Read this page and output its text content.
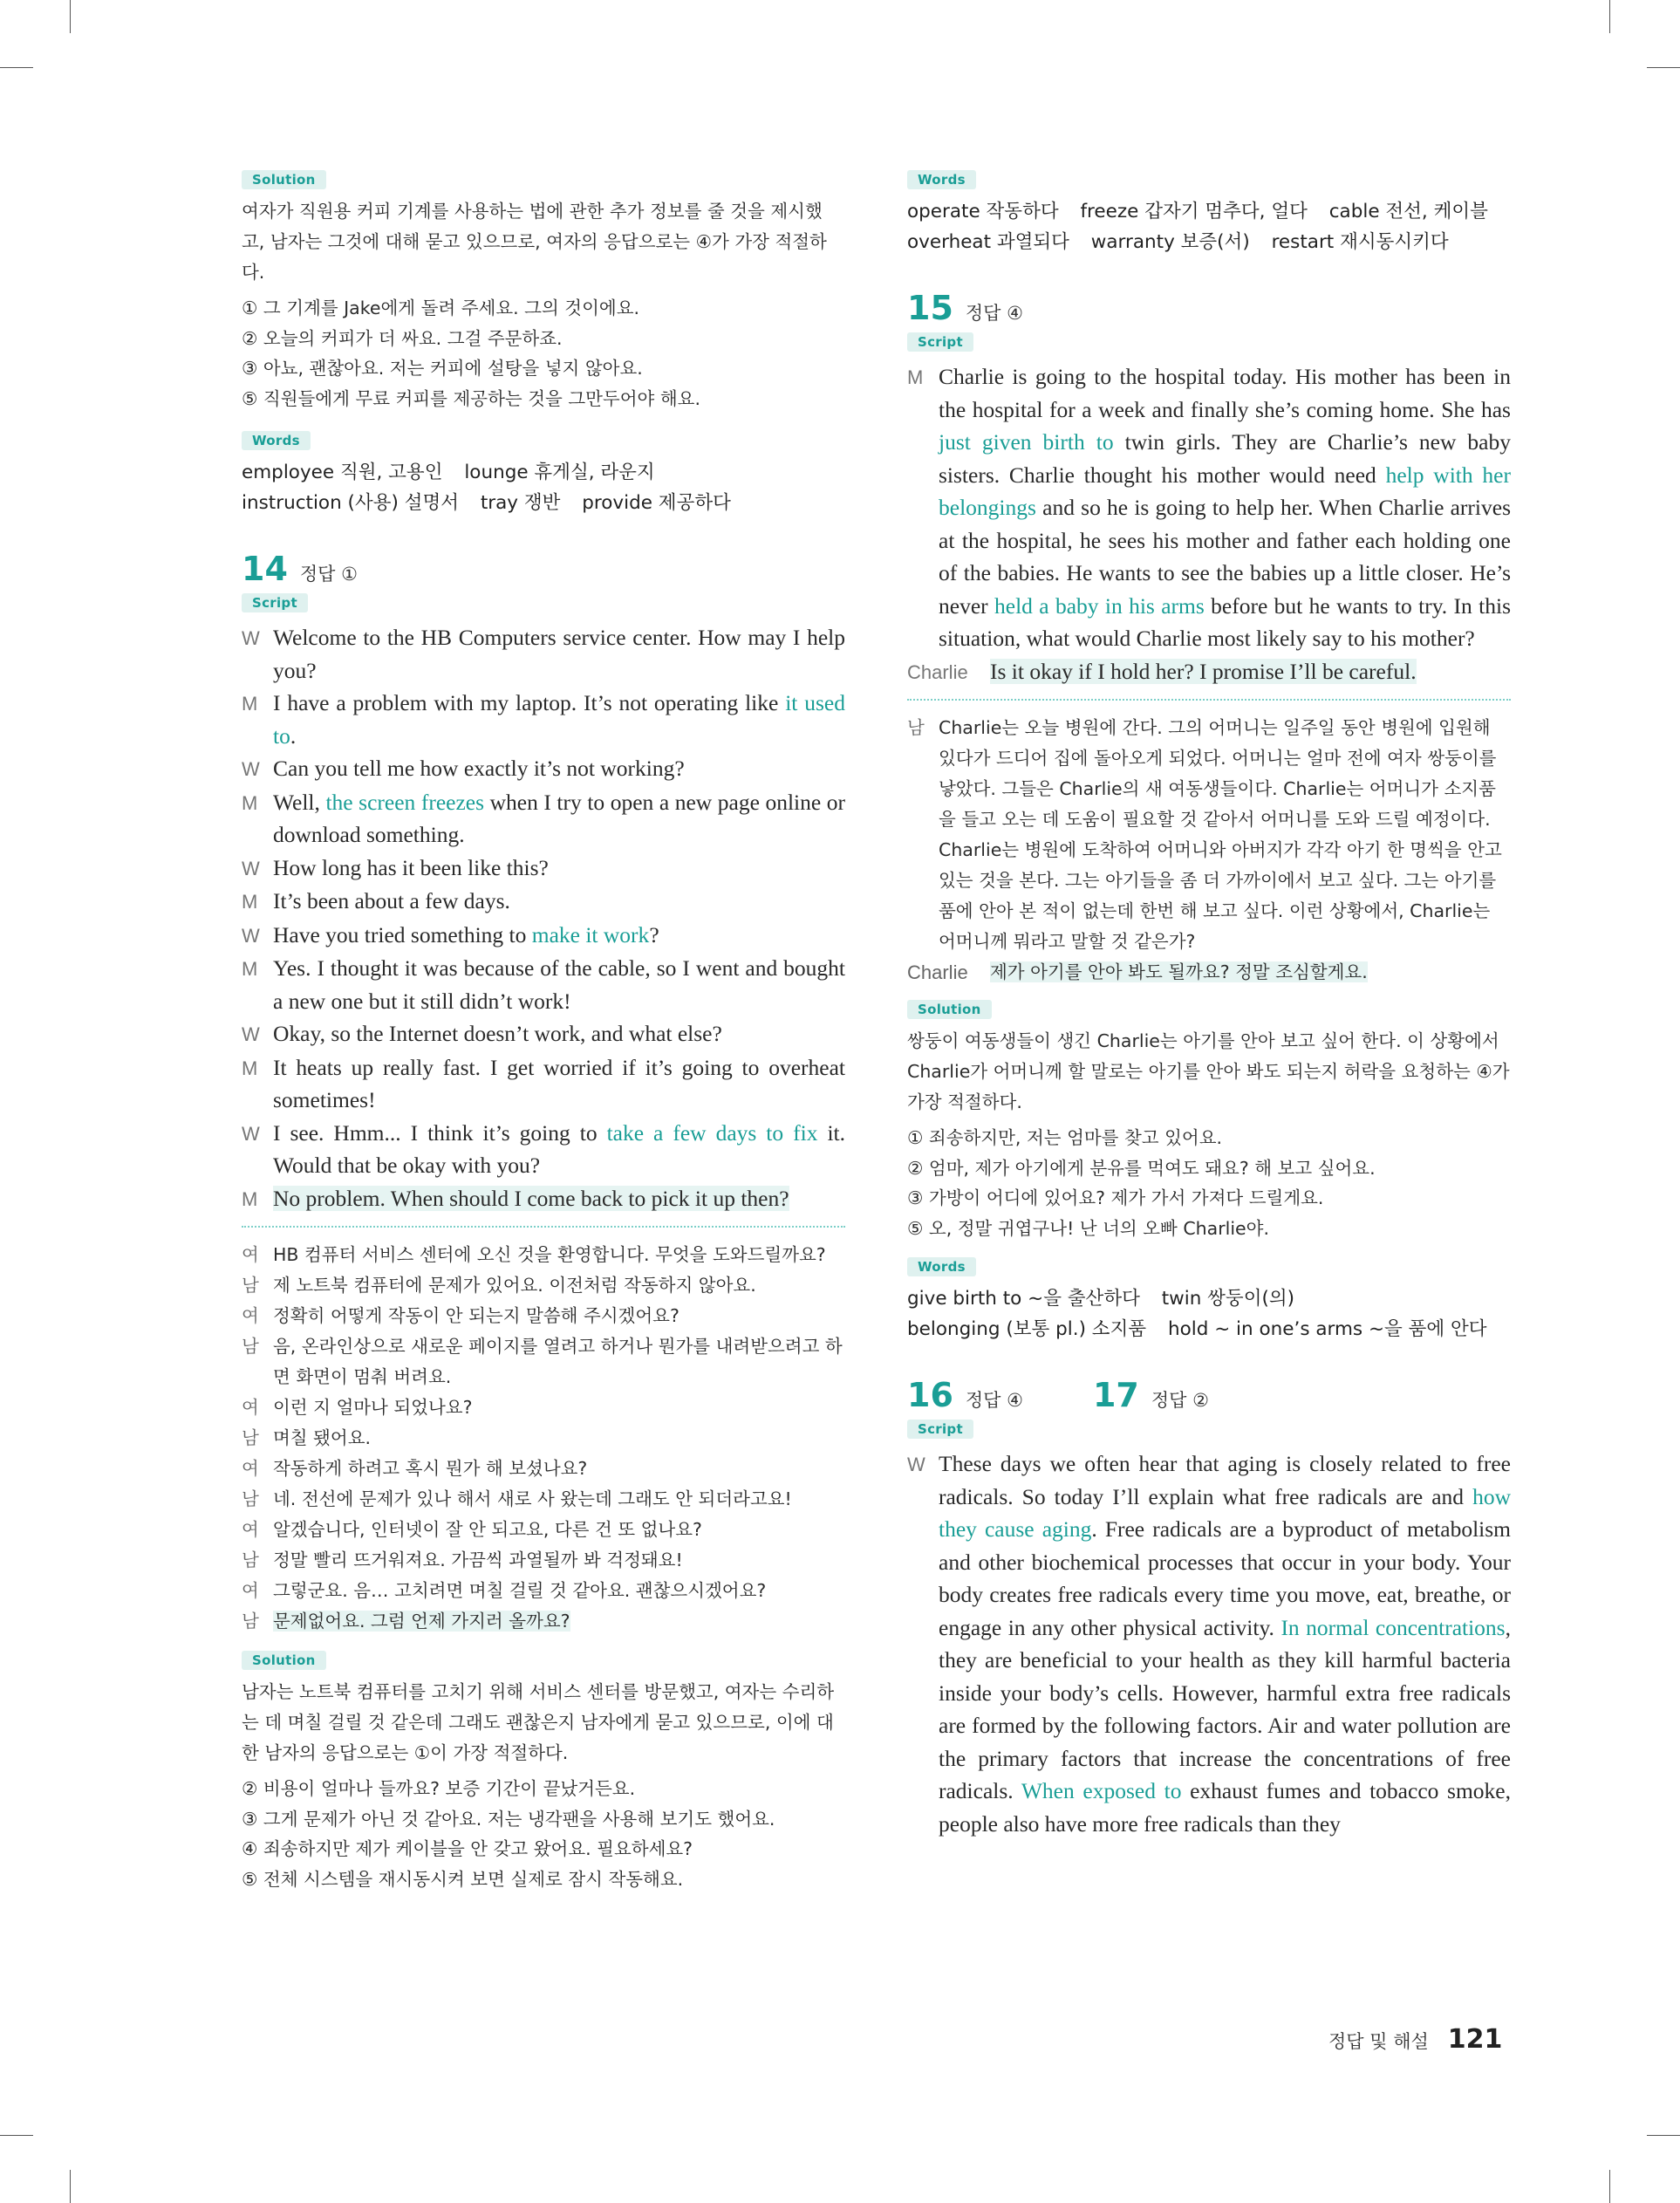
Solution

여자가 직원용 커피 기계를 사용하는 법에 관한 추가 정보를 줄 것을 제시했고, 남자는 그것에 대해 묻고 있으므로, 여자의 응답으로는 ④가 가장 적절하다.

① 그 기계를 Jake에게 돌려 주세요. 그의 것이에요.
② 오늘의 커피가 더 싸요. 그걸 주문하죠.
③ 아뇨, 괜찮아요. 저는 커피에 설탕을 넣지 않아요.
⑤ 직원들에게 무료 커피를 제공하는 것을 그만두어야 해요.
Words
employee 직원, 고용인 lounge 휴게실, 라운지
instruction (사용) 설명서 tray 쟁반 provide 제공하다
14 정답 ①
Script
W Welcome to the HB Computers service center. How may I help you?
M I have a problem with my laptop. It’s not operating like it used to.
W Can you tell me how exactly it’s not working?
M Well, the screen freezes when I try to open a new page online or download something.
W How long has it been like this?
M It’s been about a few days.
W Have you tried something to make it work?
M Yes. I thought it was because of the cable, so I went and bought a new one but it still didn’t work!
W Okay, so the Internet doesn’t work, and what else?
M It heats up really fast. I get worried if it’s going to overheat sometimes!
W I see. Hmm... I think it’s going to take a few days to fix it. Would that be okay with you?
M No problem. When should I come back to pick it up then?
여 HB 컴퓨터 서비스 센터에 오신 것을 환영합니다. 무엇을 도와드릴까요?
남 제 노트북 컴퓨터에 문제가 있어요. 이전처럼 작동하지 않아요.
여 정확히 어떻게 작동이 안 되는지 말씀해 주시겠어요?
남 음, 온라인상으로 새로운 페이지를 열려고 하거나 뭔가를 내려받으려고 하면 화면이 멈춰 버려요.
여 이런 지 얼마나 되었나요?
남 며칠 됐어요.
여 작동하게 하려고 혹시 뭔가 해 보셨나요?
남 네. 전선에 문제가 있나 해서 새로 사 왔는데 그래도 안 되더라고요!
여 알겠습니다, 인터넷이 잘 안 되고요, 다른 건 또 없나요?
남 정말 빨리 뜨거워져요. 가끔씩 과열될까 봐 걱정돼요!
여 그렇군요. 음… 고치려면 며칠 걸릴 것 같아요. 괜찮으시겠어요?
남 문제없어요. 그럼 언제 가지러 올까요?
Solution

남자는 노트북 컴퓨터를 고치기 위해 서비스 센터를 방문했고, 여자는 수리하는 데 며칠 걸릴 것 같은데 그래도 괜찮은지 남자에게 묻고 있으므로, 이에 대한 남자의 응답으로는 ①이 가장 적절하다.

② 비용이 얼마나 들까요? 보증 기간이 끝났거든요.
③ 그게 문제가 아닌 것 같아요. 저는 냉각팬을 사용해 보기도 했어요.
④ 죄송하지만 제가 케이블을 안 갖고 왔어요. 필요하세요?
⑤ 전체 시스템을 재시동시켜 보면 실제로 잠시 작동해요.
Words
operate 작동하다 freeze 갑자기 멈추다, 얼다 cable 전선, 케이블
overheat 과열되다 warranty 보증(서) restart 재시동시키다
15 정답 ④
Script
M Charlie is going to the hospital today. His mother has been in the hospital for a week and finally she’s coming home. She has just given birth to twin girls. They are Charlie’s new baby sisters. Charlie thought his mother would need help with her belongings and so he is going to help her. When Charlie arrives at the hospital, he sees his mother and father each holding one of the babies. He wants to see the babies up a little closer. He’s never held a baby in his arms before but he wants to try. In this situation, what would Charlie most likely say to his mother?
Charlie Is it okay if I hold her? I promise I’ll be careful.
남 Charlie는 오늘 병원에 간다. 그의 어머니는 일주일 동안 병원에 입원해 있다가 드디어 집에 돌아오게 되었다. 어머니는 얼마 전에 여자 쌍둥이를 낳았다. 그들은 Charlie의 새 여동생들이다. Charlie는 어머니가 소지품을 들고 오는 데 도움이 필요할 것 같아서 어머니를 도와 드릴 예정이다. Charlie는 병원에 도착하여 어머니와 아버지가 각각 아기 한 명씩을 안고 있는 것을 본다. 그는 아기들을 좀 더 가까이에서 보고 싶다. 그는 아기를 품에 안아 본 적이 없는데 한번 해 보고 싶다. 이런 상황에서, Charlie는 어머니께 뭐라고 말할 것 같은가?
Charlie	제가 아기를 안아 봐도 될까요? 정말 조심할게요.
Solution

쌍둥이 여동생들이 생긴 Charlie는 아기를 안아 보고 싶어 한다. 이 상황에서 Charlie가 어머니께 할 말로는 아기를 안아 봐도 되는지 허락을 요청하는 ④가 가장 적절하다.

① 죄송하지만, 저는 엄마를 찾고 있어요.
② 엄마, 제가 아기에게 분유를 먹여도 돼요? 해 보고 싶어요.
③ 가방이 어디에 있어요? 제가 가서 가져다 드릴게요.
⑤ 오, 정말 귀엽구나! 난 너의 오빠 Charlie야.
Words
give birth to ~을 출산하다 twin 쌍둥이(의)
belonging (보통 pl.) 소지품 hold ~ in one’s arms ~을 품에 안다
16 정답 ④ 17 정답 ②
Script
W These days we often hear that aging is closely related to free radicals. So today I’ll explain what free radicals are and how they cause aging. Free radicals are a byproduct of metabolism and other biochemical processes that occur in your body. Your body creates free radicals every time you move, eat, breathe, or engage in any other physical activity. In normal concentrations, they are beneficial to your health as they kill harmful bacteria inside your body’s cells. However, harmful extra free radicals are formed by the following factors. Air and water pollution are the primary factors that increase the concentrations of free radicals. When exposed to exhaust fumes and tobacco smoke, people also have more free radicals than they
정답 및 해설 121
